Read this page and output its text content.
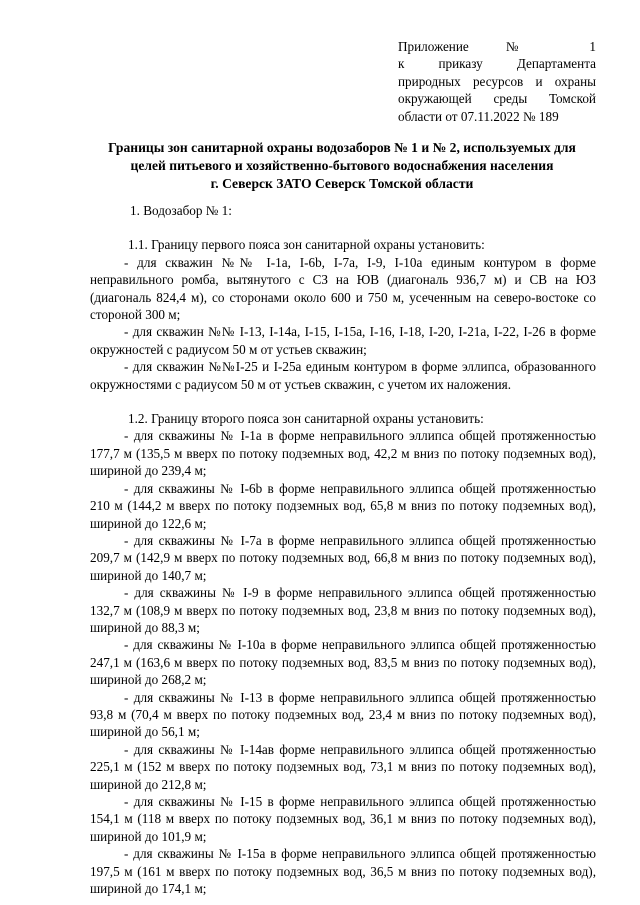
Приложение № 1
к приказу Департамента
природных ресурсов и охраны
окружающей среды Томской
области от 07.11.2022 № 189
Границы зон санитарной охраны водозаборов № 1 и № 2, используемых для
целей питьевого и хозяйственно-бытового водоснабжения населения
г. Северск ЗАТО Северск Томской области
1. Водозабор № 1:
1.1. Границу первого пояса зон санитарной охраны установить:
- для скважин №№ I-1а, I-6b, I-7а, I-9, I-10а единым контуром в форме неправильного ромба, вытянутого с СЗ на ЮВ (диагональ 936,7 м) и СВ на ЮЗ (диагональ 824,4 м), со сторонами около 600 и 750 м, усеченным на северо-востоке со стороной 300 м;
- для скважин №№ I-13, I-14а, I-15, I-15а, I-16, I-18, I-20, I-21а, I-22, I-26 в форме окружностей с радиусом 50 м от устьев скважин;
- для скважин №№I-25 и I-25а единым контуром в форме эллипса, образованного окружностями с радиусом 50 м от устьев скважин, с учетом их наложения.
1.2. Границу второго пояса зон санитарной охраны установить:
- для скважины № I-1а в форме неправильного эллипса общей протяженностью 177,7 м (135,5 м вверх по потоку подземных вод, 42,2 м вниз по потоку подземных вод), шириной до 239,4 м;
- для скважины № I-6b в форме неправильного эллипса общей протяженностью 210 м (144,2 м вверх по потоку подземных вод, 65,8 м вниз по потоку подземных вод), шириной до 122,6 м;
- для скважины № I-7а в форме неправильного эллипса общей протяженностью 209,7 м (142,9 м вверх по потоку подземных вод, 66,8 м вниз по потоку подземных вод), шириной до 140,7 м;
- для скважины № I-9 в форме неправильного эллипса общей протяженностью 132,7 м (108,9 м вверх по потоку подземных вод, 23,8 м вниз по потоку подземных вод), шириной до 88,3 м;
- для скважины № I-10а в форме неправильного эллипса общей протяженностью 247,1 м (163,6 м вверх по потоку подземных вод, 83,5 м вниз по потоку подземных вод), шириной до 268,2 м;
- для скважины № I-13 в форме неправильного эллипса общей протяженностью 93,8 м (70,4 м вверх по потоку подземных вод, 23,4 м вниз по потоку подземных вод), шириной до 56,1 м;
- для скважины № I-14ав форме неправильного эллипса общей протяженностью 225,1 м (152 м вверх по потоку подземных вод, 73,1 м вниз по потоку подземных вод), шириной до 212,8 м;
- для скважины № I-15 в форме неправильного эллипса общей протяженностью 154,1 м (118 м вверх по потоку подземных вод, 36,1 м вниз по потоку подземных вод), шириной до 101,9 м;
- для скважины № I-15а в форме неправильного эллипса общей протяженностью 197,5 м (161 м вверх по потоку подземных вод, 36,5 м вниз по потоку подземных вод), шириной до 174,1 м;
